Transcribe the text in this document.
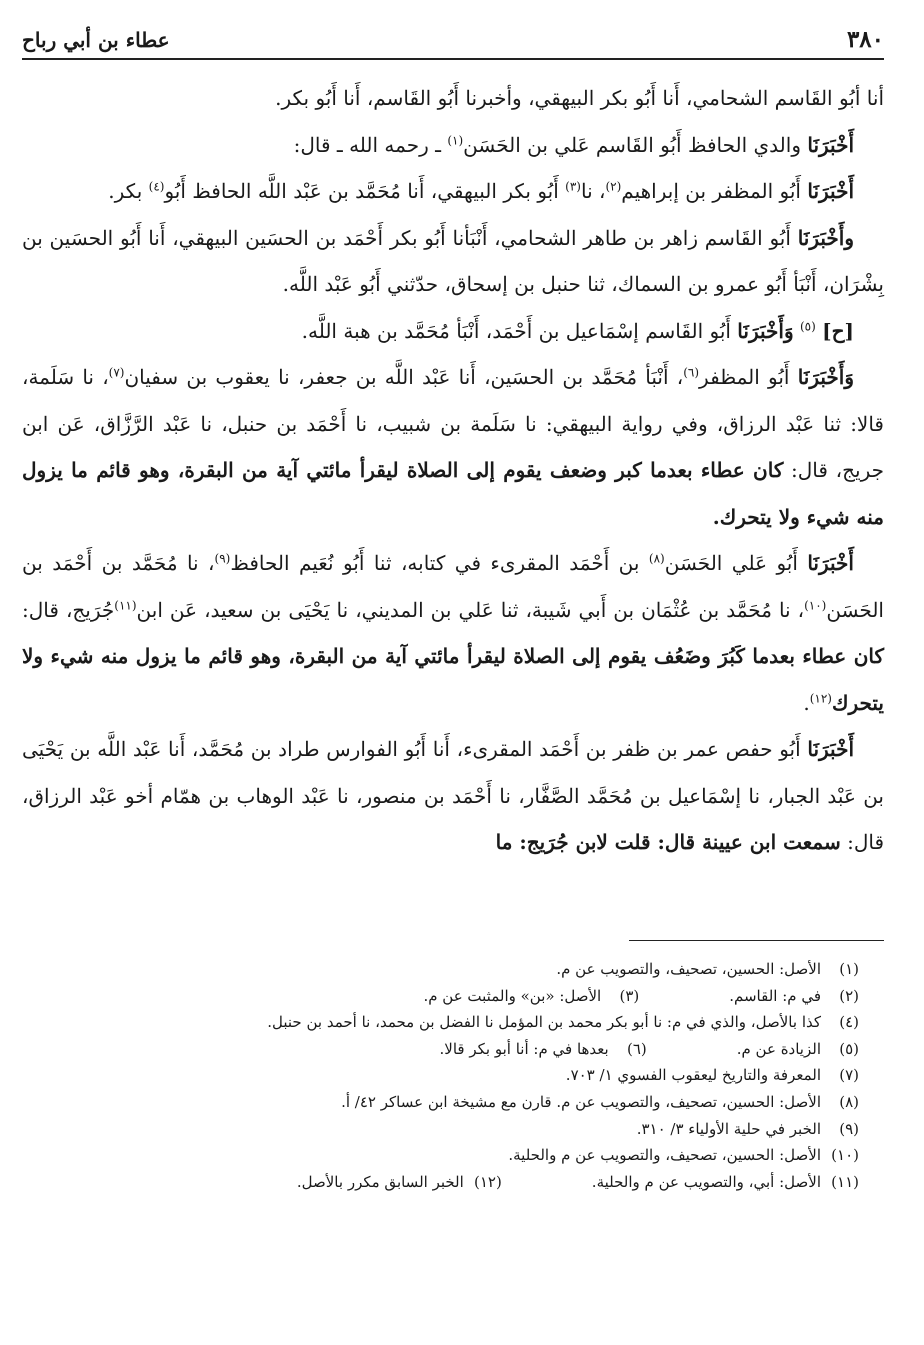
٣٨٠
عطاء بن أبي رباح

أنا أبُو القَاسم الشحامي، أَنا أَبُو بكر البيهقي، وأخبرنا أَبُو القَاسم، أَنا أَبُو بكر.

أَخْبَرَنَا والدي الحافظ أَبُو القَاسم عَلي بن الحَسَن$^{(١)}$ ـ رحمه الله ـ قال:

أَخْبَرَنَا أَبُو المظفر بن إبراهيم$^{(٢)}$، نا$^{(٣)}$ أَبُو بكر البيهقي، أَنا مُحَمَّد بن عَبْد اللَّه الحافظ أَبُو$^{(٤)}$ بكر.

وأَخْبَرَنَا أَبُو القَاسم زاهر بن طاهر الشحامي، أَنْبَأنا أَبُو بكر أَحْمَد بن الحسَين البيهقي، أَنا أَبُو الحسَين بن بِشْرَان، أَنْبَأ أَبُو عمرو بن السماك، ثنا حنبل بن إسحاق، حدّثني أَبُو عَبْد اللَّه.

[ح] $^{(٥)}$ وَأَخْبَرَنَا أَبُو القَاسم إسْمَاعيل بن أَحْمَد، أَنْبَأ مُحَمَّد بن هبة اللَّه.

وَأَخْبَرَنَا أَبُو المظفر$^{(٦)}$، أَنْبَأ مُحَمَّد بن الحسَين، أَنا عَبْد اللَّه بن جعفر، نا يعقوب بن سفيان$^{(٧)}$، نا سَلَمة، قالا: ثنا عَبْد الرزاق، وفي رواية البيهقي: نا سَلَمة بن شبيب، نا أَحْمَد بن حنبل، نا عَبْد الرَّزَّاق، عَن ابن جريج، قال: كان عطاء بعدما كبر وضعف يقوم إلى الصلاة ليقرأ مائتي آية من البقرة، وهو قائم ما يزول منه شيء ولا يتحرك.

أَخْبَرَنَا أَبُو عَلي الحَسَن$^{(٨)}$ بن أَحْمَد المقرىء في كتابه، ثنا أَبُو نُعَيم الحافظ$^{(٩)}$، نا مُحَمَّد بن أَحْمَد بن الحَسَن$^{(١٠)}$، نا مُحَمَّد بن عُثْمَان بن أَبي شَيبة، ثنا عَلي بن المديني، نا يَحْيَى بن سعيد، عَن ابن$^{(١١)}$جُرَيج، قال: كان عطاء بعدما كَبُرَ وضَعُف يقوم إلى الصلاة ليقرأ مائتي آية من البقرة، وهو قائم ما يزول منه شيء ولا يتحرك$^{(١٢)}$.

أَخْبَرَنَا أَبُو حفص عمر بن ظفر بن أَحْمَد المقرىء، أَنا أَبُو الفوارس طراد بن مُحَمَّد، أَنا عَبْد اللَّه بن يَحْيَى بن عَبْد الجبار، نا إسْمَاعيل بن مُحَمَّد الصَّفَّار، نا أَحْمَد بن منصور، نا عَبْد الوهاب بن همّام أخو عَبْد الرزاق، قال: سمعت ابن عيينة قال: قلت لابن جُرَيج: ما

(١)الأصل: الحسين، تصحيف، والتصويب عن م.
(٢)في م: القاسم.
(٣)الأصل: «بن» والمثبت عن م.
(٤)كذا بالأصل، والذي في م: نا أبو بكر محمد بن المؤمل نا الفضل بن محمد، نا أحمد بن حنبل.
(٥)الزيادة عن م.
(٦)بعدها في م: أنا أبو بكر قالا.
(٧)المعرفة والتاريخ ليعقوب الفسوي ١/ ٧٠٣.
(٨)الأصل: الحسين، تصحيف، والتصويب عن م. قارن مع مشيخة ابن عساكر ٤٢/ أ.
(٩)الخبر في حلية الأولياء ٣/ ٣١٠.
(١٠)الأصل: الحسين، تصحيف، والتصويب عن م والحلية.
(١١)الأصل: أبي، والتصويب عن م والحلية.
(١٢)الخبر السابق مكرر بالأصل.
